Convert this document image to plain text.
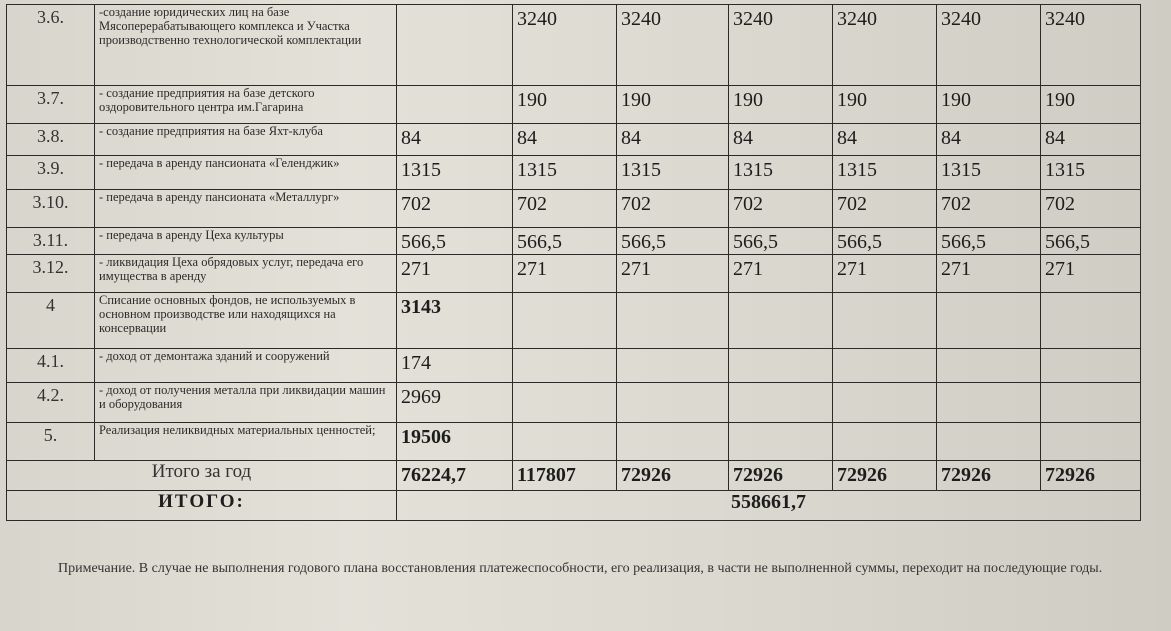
3.6.	-создание юридических лиц на базе Мясоперерабатывающего комплекса и Участка производственно технологической комплектации		3240	3240	3240	3240	3240	3240
3.7.	- создание предприятия на базе детского оздоровительного центра им.Гагарина		190	190	190	190	190	190
3.8.	- создание предприятия на базе Яхт-клуба	84	84	84	84	84	84	84
3.9.	- передача в аренду пансионата «Геленджик»	1315	1315	1315	1315	1315	1315	1315
3.10.	- передача в аренду пансионата «Металлург»	702	702	702	702	702	702	702
3.11.	- передача в аренду Цеха культуры	566,5	566,5	566,5	566,5	566,5	566,5	566,5
3.12.	- ликвидация Цеха обрядовых услуг, передача его имущества в аренду	271	271	271	271	271	271	271
4	Списание основных фондов, не используемых в основном производстве или находящихся на консервации	3143						
4.1.	- доход от демонтажа зданий и сооружений	174						
4.2.	- доход от получения металла при ликвидации машин и оборудования	2969						
5.	Реализация неликвидных материальных ценностей;	19506						
Итого за год		76224,7	117807	72926	72926	72926	72926	72926
ИТОГО:		558661,7						
Примечание. В случае не выполнения годового плана восстановления платежеспособности, его реализация, в части не выполненной суммы, переходит на последующие годы.
